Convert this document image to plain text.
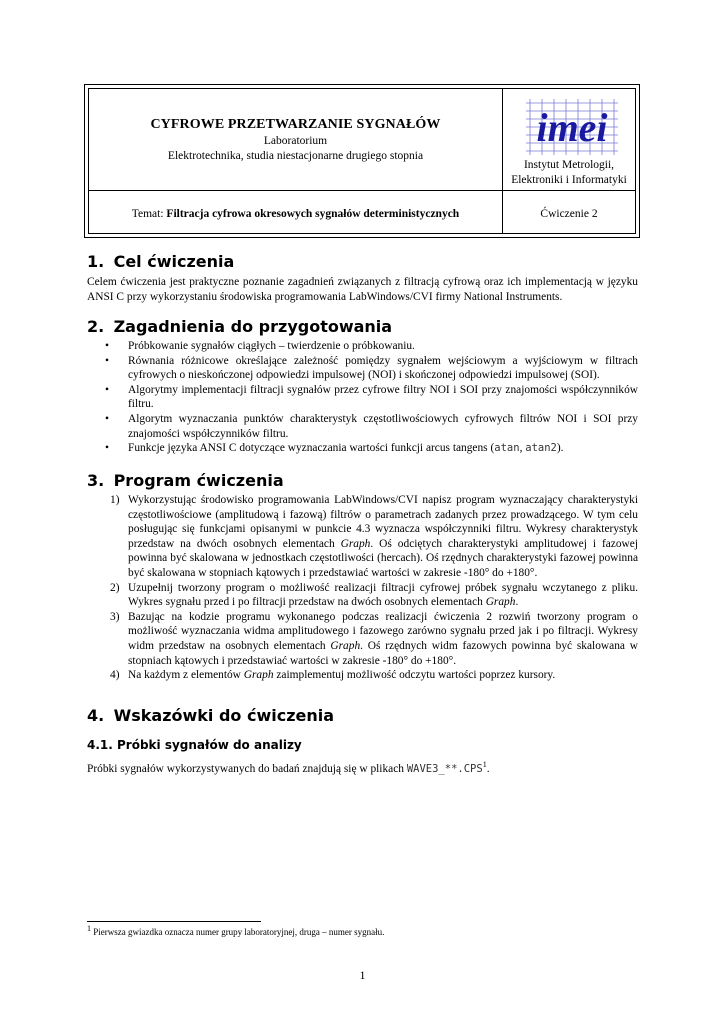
CYFROWE PRZETWARZANIE SYGNAŁÓW
Laboratorium
Elektrotechnika, studia niestacjonarne drugiego stopnia
imei
Instytut Metrologii,
Elektroniki i Informatyki
Temat: Filtracja cyfrowa okresowych sygnałów deterministycznych	Ćwiczenie 2
1. Cel ćwiczenia

Celem ćwiczenia jest praktyczne poznanie zagadnień związanych z filtracją cyfrową oraz ich implementacją w języku ANSI C przy wykorzystaniu środowiska programowania LabWindows/CVI firmy National Instruments.

2. Zagadnienia do przygotowania
• Próbkowanie sygnałów ciągłych – twierdzenie o próbkowaniu.
• Równania różnicowe określające zależność pomiędzy sygnałem wejściowym a wyjściowym w filtrach cyfrowych o nieskończonej odpowiedzi impulsowej (NOI) i skończonej odpowiedzi impulsowej (SOI).
• Algorytmy implementacji filtracji sygnałów przez cyfrowe filtry NOI i SOI przy znajomości współczynników filtru.
• Algorytm wyznaczania punktów charakterystyk częstotliwościowych cyfrowych filtrów NOI i SOI przy znajomości współczynników filtru.
• Funkcje języka ANSI C dotyczące wyznaczania wartości funkcji arcus tangens (atan, atan2).
3. Program ćwiczenia
1) Wykorzystując środowisko programowania LabWindows/CVI napisz program wyznaczający charakterystyki częstotliwościowe (amplitudową i fazową) filtrów o parametrach zadanych przez prowadzącego. W tym celu posługując się funkcjami opisanymi w punkcie 4.3 wyznacza współczynniki filtru. Wykresy charakterystyk przedstaw na dwóch osobnych elementach Graph. Oś odciętych charakterystyki amplitudowej i fazowej powinna być skalowana w jednostkach częstotliwości (hercach). Oś rzędnych charakterystyki fazowej powinna być skalowana w stopniach kątowych i przedstawiać wartości w zakresie -180° do +180°.
2) Uzupełnij tworzony program o możliwość realizacji filtracji cyfrowej próbek sygnału wczytanego z pliku. Wykres sygnału przed i po filtracji przedstaw na dwóch osobnych elementach Graph.
3) Bazując na kodzie programu wykonanego podczas realizacji ćwiczenia 2 rozwiń tworzony program o możliwość wyznaczania widma amplitudowego i fazowego zarówno sygnału przed jak i po filtracji. Wykresy widm przedstaw na osobnych elementach Graph. Oś rzędnych widm fazowych powinna być skalowana w stopniach kątowych i przedstawiać wartości w zakresie -180° do +180°.
4) Na każdym z elementów Graph zaimplementuj możliwość odczytu wartości poprzez kursory.
4. Wskazówki do ćwiczenia
4.1. Próbki sygnałów do analizy

Próbki sygnałów wykorzystywanych do badań znajdują się w plikach WAVE3_**.CPS$^1$.

$^1$ Pierwsza gwiazdka oznacza numer grupy laboratoryjnej, druga – numer sygnału.
1
